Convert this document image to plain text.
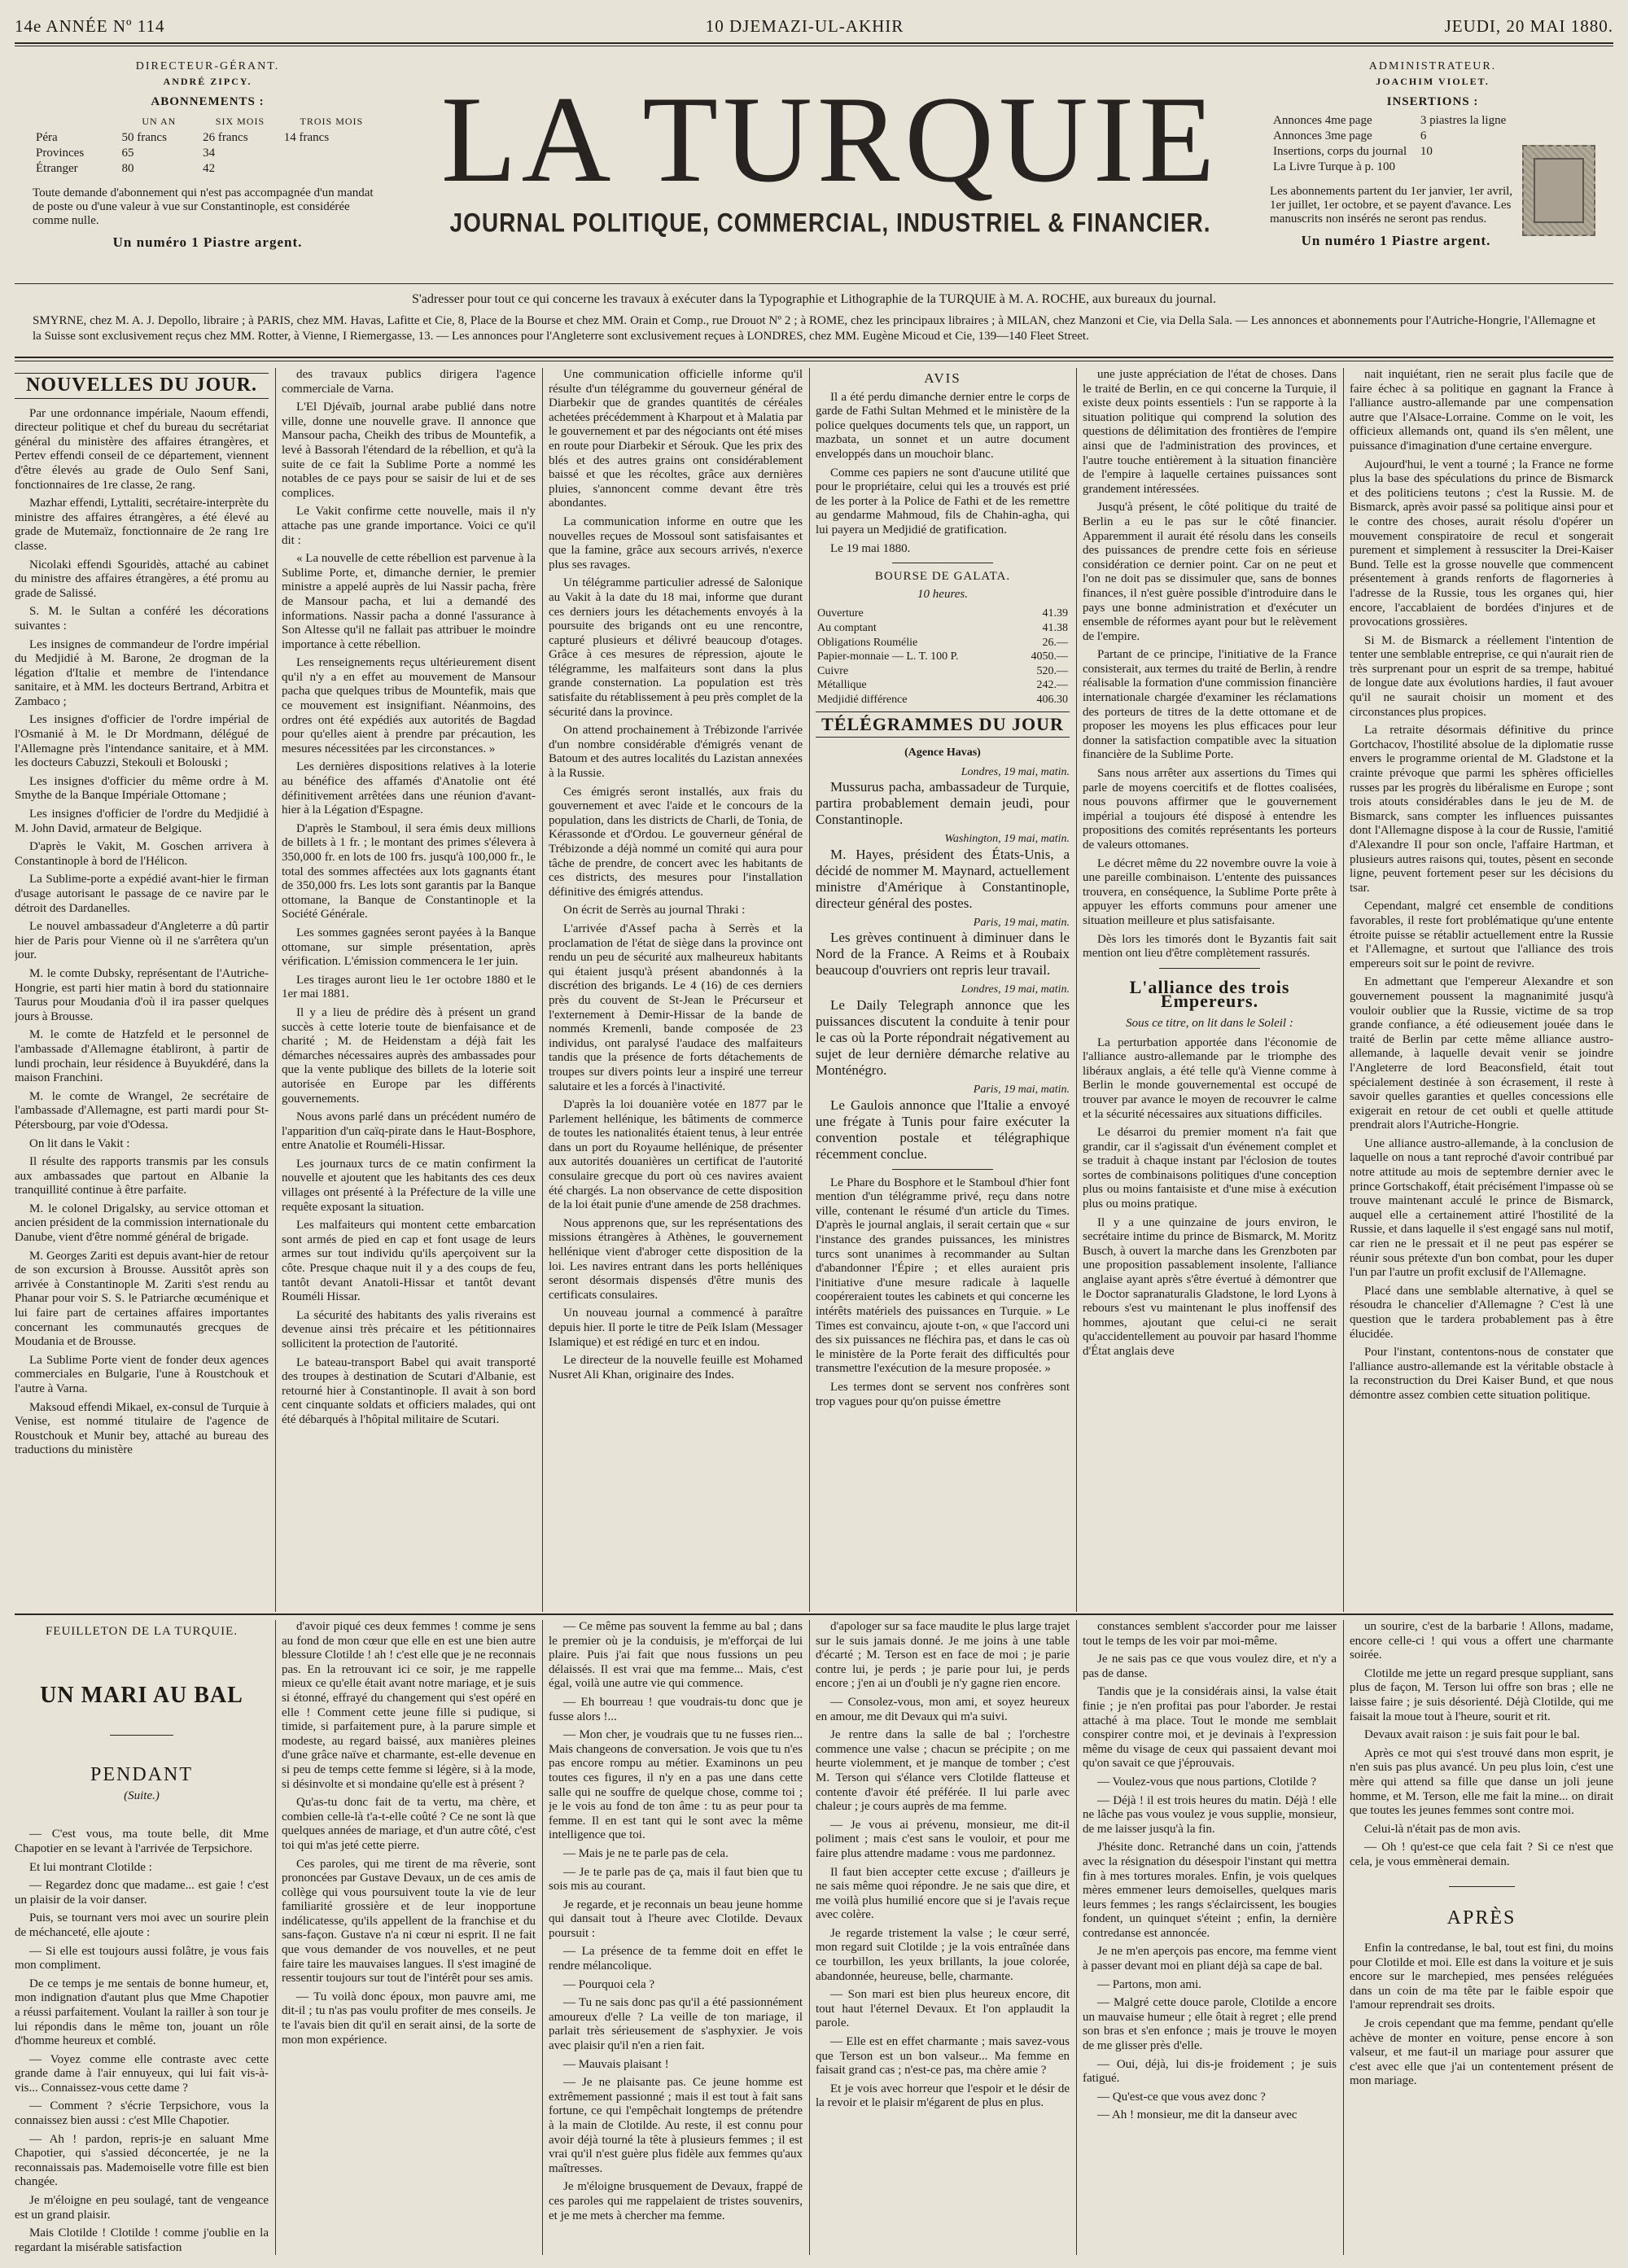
14e ANNÉE Nº 114	10 DJEMAZI-UL-AKHIR	JEUDI, 20 MAI 1880.
DIRECTEUR-GÉRANT.
ANDRÉ ZIPCY.
ABONNEMENTS :
	UN AN	SIX MOIS	TROIS MOIS
Péra	50 francs	26 francs	14 francs
Provinces	65	34	
Étranger	80	42	
Toute demande d'abonnement qui n'est pas accompagnée d'un mandat de poste ou d'une valeur à vue sur Constantinople, est considérée comme nulle.
Un numéro 1 Piastre argent.
LA TURQUIE
JOURNAL POLITIQUE, COMMERCIAL, INDUSTRIEL & FINANCIER.
ADMINISTRATEUR.
JOACHIM VIOLET.
INSERTIONS :
Annonces 4me page	3 piastres la ligne
Annonces 3me page	6
Insertions, corps du journal	10
La Livre Turque à p. 100	
Les abonnements partent du 1er janvier, 1er avril, 1er juillet, 1er octobre, et se payent d'avance. Les manuscrits non insérés ne seront pas rendus.
Un numéro 1 Piastre argent.
S'adresser pour tout ce qui concerne les travaux à exécuter dans la Typographie et Lithographie de la TURQUIE à M. A. ROCHE, aux bureaux du journal.
SMYRNE, chez M. A. J. Depollo, libraire ; à PARIS, chez MM. Havas, Lafitte et Cie, 8, Place de la Bourse et chez MM. Orain et Comp., rue Drouot Nº 2 ; à ROME, chez les principaux libraires ; à MILAN, chez Manzoni et Cie, via Della Sala. — Les annonces et abonnements pour l'Autriche-Hongrie, l'Allemagne et la Suisse sont exclusivement reçus chez MM. Rotter, à Vienne, I Riemergasse, 13. — Les annonces pour l'Angleterre sont exclusivement reçues à LONDRES, chez MM. Eugène Micoud et Cie, 139—140 Fleet Street.
NOUVELLES DU JOUR.

Par une ordonnance impériale, Naoum effendi, directeur politique et chef du bureau du secrétariat général du ministère des affaires étrangères, et Pertev effendi conseil de ce département, viennent d'être élevés au grade de Oulo Senf Sani, fonctionnaires de 1re classe, 2e rang.

Mazhar effendi, Lyttaliti, secrétaire-interprète du ministre des affaires étrangères, a été élevé au grade de Mutemaïz, fonctionnaire de 2e rang 1re classe.

Nicolaki effendi Sgouridès, attaché au cabinet du ministre des affaires étrangères, a été promu au grade de Salissé.

S. M. le Sultan a conféré les décorations suivantes :

Les insignes de commandeur de l'ordre impérial du Medjidié à M. Barone, 2e drogman de la légation d'Italie et membre de l'intendance sanitaire, et à MM. les docteurs Bertrand, Arbitra et Zambaco ;

Les insignes d'officier de l'ordre impérial de l'Osmanié à M. le Dr Mordmann, délégué de l'Allemagne près l'intendance sanitaire, et à MM. les docteurs Cabuzzi, Stekouli et Bolouski ;

Les insignes d'officier du même ordre à M. Smythe de la Banque Impériale Ottomane ;

Les insignes d'officier de l'ordre du Medjidié à M. John David, armateur de Belgique.

D'après le Vakit, M. Goschen arrivera à Constantinople à bord de l'Hélicon.

La Sublime-porte a expédié avant-hier le firman d'usage autorisant le passage de ce navire par le détroit des Dardanelles.

Le nouvel ambassadeur d'Angleterre a dû partir hier de Paris pour Vienne où il ne s'arrêtera qu'un jour.

M. le comte Dubsky, représentant de l'Autriche-Hongrie, est parti hier matin à bord du stationnaire Taurus pour Moudania d'où il ira passer quelques jours à Brousse.

M. le comte de Hatzfeld et le personnel de l'ambassade d'Allemagne établiront, à partir de lundi prochain, leur résidence à Buyukdéré, dans la maison Franchini.

M. le comte de Wrangel, 2e secrétaire de l'ambassade d'Allemagne, est parti mardi pour St-Pétersbourg, par voie d'Odessa.

On lit dans le Vakit :

Il résulte des rapports transmis par les consuls aux ambassades que partout en Albanie la tranquillité continue à être parfaite.

M. le colonel Drigalsky, au service ottoman et ancien président de la commission internationale du Danube, vient d'être nommé général de brigade.

M. Georges Zariti est depuis avant-hier de retour de son excursion à Brousse. Aussitôt après son arrivée à Constantinople M. Zariti s'est rendu au Phanar pour voir S. S. le Patriarche œcuménique et lui faire part de certaines affaires importantes concernant les communautés grecques de Moudania et de Brousse.

La Sublime Porte vient de fonder deux agences commerciales en Bulgarie, l'une à Roustchouk et l'autre à Varna.

Maksoud effendi Mikael, ex-consul de Turquie à Venise, est nommé titulaire de l'agence de Roustchouk et Munir bey, attaché au bureau des traductions du ministère

des travaux publics dirigera l'agence commerciale de Varna.

L'El Djévaïb, journal arabe publié dans notre ville, donne une nouvelle grave. Il annonce que Mansour pacha, Cheikh des tribus de Mountefik, a levé à Bassorah l'étendard de la rébellion, et qu'à la suite de ce fait la Sublime Porte a nommé les notables de ce pays pour se saisir de lui et de ses complices.

Le Vakit confirme cette nouvelle, mais il n'y attache pas une grande importance. Voici ce qu'il dit :

« La nouvelle de cette rébellion est parvenue à la Sublime Porte, et, dimanche dernier, le premier ministre a appelé auprès de lui Nassir pacha, frère de Mansour pacha, et lui a demandé des informations. Nassir pacha a donné l'assurance à Son Altesse qu'il ne fallait pas attribuer le moindre importance à cette rébellion.

Les renseignements reçus ultérieurement disent qu'il n'y a en effet au mouvement de Mansour pacha que quelques tribus de Mountefik, mais que ce mouvement est insignifiant. Néanmoins, des ordres ont été expédiés aux autorités de Bagdad pour qu'elles aient à prendre par précaution, les mesures nécessitées par les circonstances. »

Les dernières dispositions relatives à la loterie au bénéfice des affamés d'Anatolie ont été définitivement arrêtées dans une réunion d'avant-hier à la Légation d'Espagne.

D'après le Stamboul, il sera émis deux millions de billets à 1 fr. ; le montant des primes s'élevera à 350,000 fr. en lots de 100 frs. jusqu'à 100,000 fr., le total des sommes affectées aux lots gagnants étant de 350,000 frs. Les lots sont garantis par la Banque ottomane, la Banque de Constantinople et la Société Générale.

Les sommes gagnées seront payées à la Banque ottomane, sur simple présentation, après vérification. L'émission commencera le 1er juin.

Les tirages auront lieu le 1er octobre 1880 et le 1er mai 1881.

Il y a lieu de prédire dès à présent un grand succès à cette loterie toute de bienfaisance et de charité ; M. de Heidenstam a déjà fait les démarches nécessaires auprès des ambassades pour que la vente publique des billets de la loterie soit autorisée en Europe par les différents gouvernements.

Nous avons parlé dans un précédent numéro de l'apparition d'un caïq-pirate dans le Haut-Bosphore, entre Anatolie et Rouméli-Hissar.

Les journaux turcs de ce matin confirment la nouvelle et ajoutent que les habitants des ces deux villages ont présenté à la Préfecture de la ville une requête exposant la situation.

Les malfaiteurs qui montent cette embarcation sont armés de pied en cap et font usage de leurs armes sur tout individu qu'ils aperçoivent sur la côte. Presque chaque nuit il y a des coups de feu, tantôt devant Anatoli-Hissar et tantôt devant Rouméli Hissar.

La sécurité des habitants des yalis riverains est devenue ainsi très précaire et les pétitionnaires sollicitent la protection de l'autorité.

Le bateau-transport Babel qui avait transporté des troupes à destination de Scutari d'Albanie, est retourné hier à Constantinople. Il avait à son bord cent cinquante soldats et officiers malades, qui ont été débarqués à l'hôpital militaire de Scutari.

Une communication officielle informe qu'il résulte d'un télégramme du gouverneur général de Diarbekir que de grandes quantités de céréales achetées précédemment à Kharpout et à Malatia par le gouvernement et par des négociants ont été mises en route pour Diarbekir et Sérouk. Que les prix des blés et des autres grains ont considérablement baissé et que les récoltes, grâce aux dernières pluies, s'annoncent comme devant être très abondantes.

La communication informe en outre que les nouvelles reçues de Mossoul sont satisfaisantes et que la famine, grâce aux secours arrivés, n'exerce plus ses ravages.

Un télégramme particulier adressé de Salonique au Vakit à la date du 18 mai, informe que durant ces derniers jours les détachements envoyés à la poursuite des brigands ont eu une rencontre, capturé plusieurs et délivré beaucoup d'otages. Grâce à ces mesures de répression, ajoute le télégramme, les malfaiteurs sont dans la plus grande consternation. La population est très satisfaite du rétablissement à peu près complet de la sécurité dans la province.

On attend prochainement à Trébizonde l'arrivée d'un nombre considérable d'émigrés venant de Batoum et des autres localités du Lazistan annexées à la Russie.

Ces émigrés seront installés, aux frais du gouvernement et avec l'aide et le concours de la population, dans les districts de Charli, de Tonia, de Kérassonde et d'Ordou. Le gouverneur général de Trébizonde a déjà nommé un comité qui aura pour tâche de prendre, de concert avec les habitants de ces districts, des mesures pour l'installation définitive des émigrés attendus.

On écrit de Serrès au journal Thraki :

L'arrivée d'Assef pacha à Serrès et la proclamation de l'état de siège dans la province ont rendu un peu de sécurité aux malheureux habitants qui étaient jusqu'à présent abandonnés à la discrétion des brigands. Le 4 (16) de ces derniers près du couvent de St-Jean le Précurseur et l'externement à Demir-Hissar de la bande de nommés Kremenli, bande composée de 23 individus, ont paralysé l'audace des malfaiteurs tandis que la présence de forts détachements de troupes sur divers points leur a inspiré une terreur salutaire et les a forcés à l'inactivité.

D'après la loi douanière votée en 1877 par le Parlement hellénique, les bâtiments de commerce de toutes les nationalités étaient tenus, à leur entrée dans un port du Royaume hellénique, de présenter aux autorités douanières un certificat de l'autorité consulaire grecque du port où ces navires avaient été chargés. La non observance de cette disposition de la loi était punie d'une amende de 258 drachmes.

Nous apprenons que, sur les représentations des missions étrangères à Athènes, le gouvernement hellénique vient d'abroger cette disposition de la loi. Les navires entrant dans les ports helléniques seront désormais dispensés d'être munis des certificats consulaires.

Un nouveau journal a commencé à paraître depuis hier. Il porte le titre de Peïk Islam (Messager Islamique) et est rédigé en turc et en indou.

Le directeur de la nouvelle feuille est Mohamed Nusret Ali Khan, originaire des Indes.

AVIS

Il a été perdu dimanche dernier entre le corps de garde de Fathi Sultan Mehmed et le ministère de la police quelques documents tels que, un rapport, un mazbata, un sonnet et un autre document enveloppés dans un mouchoir blanc.

Comme ces papiers ne sont d'aucune utilité que pour le propriétaire, celui qui les a trouvés est prié de les porter à la Police de Fathi et de les remettre au gendarme Mahmoud, fils de Chahin-agha, qui lui payera un Medjidié de gratification.

Le 19 mai 1880.

BOURSE DE GALATA.
10 heures.
Ouverture	41.39
Au comptant	41.38
Obligations Roumélie	26.—
Papier-monnaie — L. T. 100 P.	4050.—
Cuivre	520.—
Métallique	242.—
Medjidié différence	406.30
TÉLÉGRAMMES DU JOUR
(Agence Havas)
Londres, 19 mai, matin.

Mussurus pacha, ambassadeur de Turquie, partira probablement demain jeudi, pour Constantinople.

Washington, 19 mai, matin.

M. Hayes, président des États-Unis, a décidé de nommer M. Maynard, actuellement ministre d'Amérique à Constantinople, directeur général des postes.

Paris, 19 mai, matin.

Les grèves continuent à diminuer dans le Nord de la France. A Reims et à Roubaix beaucoup d'ouvriers ont repris leur travail.

Londres, 19 mai, matin.

Le Daily Telegraph annonce que les puissances discutent la conduite à tenir pour le cas où la Porte répondrait négativement au sujet de leur dernière démarche relative au Monténégro.

Paris, 19 mai, matin.

Le Gaulois annonce que l'Italie a envoyé une frégate à Tunis pour faire exécuter la convention postale et télégraphique récemment conclue.

Le Phare du Bosphore et le Stamboul d'hier font mention d'un télégramme privé, reçu dans notre ville, contenant le résumé d'un article du Times. D'après le journal anglais, il serait certain que « sur l'instance des grandes puissances, les ministres turcs sont unanimes à recommander au Sultan d'abandonner l'Épire ; et elles auraient pris l'initiative d'une mesure radicale à laquelle coopéreraient toutes les cabinets et qui concerne les intérêts matériels des puissances en Turquie. » Le Times est convaincu, ajoute t-on, « que l'accord uni des six puissances ne fléchira pas, et dans le cas où le ministère de la Porte ferait des difficultés pour transmettre l'exécution de la mesure proposée. »

Les termes dont se servent nos confrères sont trop vagues pour qu'on puisse émettre

une juste appréciation de l'état de choses. Dans le traité de Berlin, en ce qui concerne la Turquie, il existe deux points essentiels : l'un se rapporte à la situation politique qui comprend la solution des questions de délimitation des frontières de l'empire ainsi que de l'administration des provinces, et l'autre touche entièrement à la situation financière de l'empire à laquelle certaines puissances sont grandement intéressées.

Jusqu'à présent, le côté politique du traité de Berlin a eu le pas sur le côté financier. Apparemment il aurait été résolu dans les conseils des puissances de prendre cette fois en sérieuse considération ce dernier point. Car on ne peut et l'on ne doit pas se dissimuler que, sans de bonnes finances, il n'est guère possible d'introduire dans le pays une bonne administration et d'exécuter un ensemble de réformes ayant pour but le relèvement de l'empire.

Partant de ce principe, l'initiative de la France consisterait, aux termes du traité de Berlin, à rendre réalisable la formation d'une commission financière internationale chargée d'examiner les réclamations des porteurs de titres de la dette ottomane et de proposer les moyens les plus efficaces pour leur donner la satisfaction compatible avec la situation financière de la Sublime Porte.

Sans nous arrêter aux assertions du Times qui parle de moyens coercitifs et de flottes coalisées, nous pouvons affirmer que le gouvernement impérial a toujours été disposé à entendre les propositions des comités représentants les porteurs de valeurs ottomanes.

Le décret même du 22 novembre ouvre la voie à une pareille combinaison. L'entente des puissances trouvera, en conséquence, la Sublime Porte prête à appuyer les efforts communs pour amener une situation meilleure et plus satisfaisante.

Dès lors les timorés dont le Byzantis fait sait mention ont lieu d'être complètement rassurés.

L'alliance des trois Empereurs.
Sous ce titre, on lit dans le Soleil :

La perturbation apportée dans l'économie de l'alliance austro-allemande par le triomphe des libéraux anglais, a été telle qu'à Vienne comme à Berlin le monde gouvernemental est occupé de trouver par avance le moyen de recouvrer le calme et la sécurité nécessaires aux situations difficiles.

Le désarroi du premier moment n'a fait que grandir, car il s'agissait d'un événement complet et se traduit à chaque instant par l'éclosion de toutes sortes de combinaisons politiques d'une conception plus ou moins fantaisiste et d'une mise à exécution plus ou moins pratique.

Il y a une quinzaine de jours environ, le secrétaire intime du prince de Bismarck, M. Moritz Busch, à ouvert la marche dans les Grenzboten par une proposition passablement insolente, l'alliance anglaise ayant après s'être évertué à démontrer que le Doctor sapranaturalis Gladstone, le lord Lyons à rebours s'est vu maintenant le plus inoffensif des hommes, ajoutant que celui-ci ne serait qu'accidentellement au pouvoir par hasard l'homme d'État anglais deve

nait inquiétant, rien ne serait plus facile que de faire échec à sa politique en gagnant la France à l'alliance austro-allemande par une compensation autre que l'Alsace-Lorraine. Comme on le voit, les officieux allemands ont, quand ils s'en mêlent, une puissance d'imagination d'une certaine envergure.

Aujourd'hui, le vent a tourné ; la France ne forme plus la base des spéculations du prince de Bismarck et des politiciens teutons ; c'est la Russie. M. de Bismarck, après avoir passé sa politique ainsi pour et le contre des choses, aurait résolu d'opérer un mouvement conspiratoire de recul et songerait purement et simplement à ressusciter la Drei-Kaiser Bund. Telle est la grosse nouvelle que commencent présentement à grands renforts de flagorneries à l'adresse de la Russie, tous les organes qui, hier encore, l'accablaient de bordées d'injures et de provocations grossières.

Si M. de Bismarck a réellement l'intention de tenter une semblable entreprise, ce qui n'aurait rien de très surprenant pour un esprit de sa trempe, habitué de longue date aux évolutions hardies, il faut avouer qu'il ne saurait choisir un moment et des circonstances plus propices.

La retraite désormais définitive du prince Gortchacov, l'hostilité absolue de la diplomatie russe envers le programme oriental de M. Gladstone et la crainte prévoque que parmi les sphères officielles russes par les progrès du libéralisme en Europe ; sont trois atouts considérables dans le jeu de M. de Bismarck, sans compter les influences puissantes dont l'Allemagne dispose à la cour de Russie, l'amitié d'Alexandre II pour son oncle, l'affaire Hartman, et plusieurs autres raisons qui, toutes, pèsent en seconde ligne, peuvent fortement peser sur les décisions du tsar.

Cependant, malgré cet ensemble de conditions favorables, il reste fort problématique qu'une entente étroite puisse se rétablir actuellement entre la Russie et l'Allemagne, et surtout que l'alliance des trois empereurs soit sur le point de revivre.

En admettant que l'empereur Alexandre et son gouvernement poussent la magnanimité jusqu'à vouloir oublier que la Russie, victime de sa trop grande confiance, a été odieusement jouée dans le traité de Berlin par cette même alliance austro-allemande, à laquelle devait venir se joindre l'Angleterre de lord Beaconsfield, était tout spécialement destinée à son écrasement, il reste à savoir quelles garanties et quelles concessions elle exigerait en retour de cet oubli et quelle attitude prendrait alors l'Autriche-Hongrie.

Une alliance austro-allemande, à la conclusion de laquelle on nous a tant reproché d'avoir contribué par notre attitude au mois de septembre dernier avec le prince Gortschakoff, était précisément l'impasse où se trouve maintenant acculé le prince de Bismarck, auquel elle a certainement attiré l'hostilité de la Russie, et dans laquelle il s'est engagé sans nul motif, car rien ne le pressait et il ne peut pas espérer se réunir sous prétexte d'un bon combat, pour les duper l'un par l'autre un profit exclusif de l'Allemagne.

Placé dans une semblable alternative, à quel se résoudra le chancelier d'Allemagne ? C'est là une question que le tardera probablement pas à être élucidée.

Pour l'instant, contentons-nous de constater que l'alliance austro-allemande est la véritable obstacle à la reconstruction du Drei Kaiser Bund, et que nous démontre assez combien cette situation politique.

FEUILLETON DE LA TURQUIE.
UN MARI AU BAL
PENDANT
(Suite.)

— C'est vous, ma toute belle, dit Mme Chapotier en se levant à l'arrivée de Terpsichore.

Et lui montrant Clotilde :

— Regardez donc que madame... est gaie ! c'est un plaisir de la voir danser.

Puis, se tournant vers moi avec un sourire plein de méchanceté, elle ajoute :

— Si elle est toujours aussi folâtre, je vous fais mon compliment.

De ce temps je me sentais de bonne humeur, et, mon indignation d'autant plus que Mme Chapotier a réussi parfaitement. Voulant la railler à son tour je lui répondis dans le même ton, jouant un rôle d'homme heureux et comblé.

— Voyez comme elle contraste avec cette grande dame à l'air ennuyeux, qui lui fait vis-à-vis... Connaissez-vous cette dame ?

— Comment ? s'écrie Terpsichore, vous la connaissez bien aussi : c'est Mlle Chapotier.

— Ah ! pardon, repris-je en saluant Mme Chapotier, qui s'assied déconcertée, je ne la reconnaissais pas. Mademoiselle votre fille est bien changée.

Je m'éloigne en peu soulagé, tant de vengeance est un grand plaisir.

Mais Clotilde ! Clotilde ! comme j'oublie en la regardant la misérable satisfaction

d'avoir piqué ces deux femmes ! comme je sens au fond de mon cœur que elle en est une bien autre blessure Clotilde ! ah ! c'est elle que je ne reconnais pas. En la retrouvant ici ce soir, je me rappelle mieux ce qu'elle était avant notre mariage, et je suis si étonné, effrayé du changement qui s'est opéré en elle ! Comment cette jeune fille si pudique, si timide, si parfaitement pure, à la parure simple et modeste, au regard baissé, aux manières pleines d'une grâce naïve et charmante, est-elle devenue en si peu de temps cette femme si légère, si à la mode, si désinvolte et si mondaine qu'elle est à présent ?

Qu'as-tu donc fait de ta vertu, ma chère, et combien celle-là t'a-t-elle coûté ? Ce ne sont là que quelques années de mariage, et d'un autre côté, c'est toi qui m'as jeté cette pierre.

Ces paroles, qui me tirent de ma rêverie, sont prononcées par Gustave Devaux, un de ces amis de collège qui vous poursuivent toute la vie de leur familiarité grossière et de leur inopportune indélicatesse, qu'ils appellent de la franchise et du sans-façon. Gustave n'a ni cœur ni esprit. Il ne fait que vous demander de vos nouvelles, et ne peut faire taire les mauvaises langues. Il s'est imaginé de ressentir toujours sur tout de l'intérêt pour ses amis.

— Tu voilà donc époux, mon pauvre ami, me dit-il ; tu n'as pas voulu profiter de mes conseils. Je te l'avais bien dit qu'il en serait ainsi, de la sorte de mon mon expérience.

— Ce même pas souvent la femme au bal ; dans le premier où je la conduisis, je m'efforçai de lui plaire. Puis j'ai fait que nous fussions un peu délaissés. Il est vrai que ma femme... Mais, c'est égal, voilà une autre vie qui commence.

— Eh bourreau ! que voudrais-tu donc que je fusse alors !...

— Mon cher, je voudrais que tu ne fusses rien... Mais changeons de conversation. Je vois que tu n'es pas encore rompu au métier. Examinons un peu toutes ces figures, il n'y en a pas une dans cette salle qui ne souffre de quelque chose, comme toi ; je le vois au fond de ton âme : tu as peur pour ta femme. Il en est tant qui le sont avec la même intelligence que toi.

— Mais je ne te parle pas de cela.

— Je te parle pas de ça, mais il faut bien que tu sois mis au courant.

Je regarde, et je reconnais un beau jeune homme qui dansait tout à l'heure avec Clotilde. Devaux poursuit :

— La présence de ta femme doit en effet le rendre mélancolique.

— Pourquoi cela ?

— Tu ne sais donc pas qu'il a été passionnément amoureux d'elle ? La veille de ton mariage, il parlait très sérieusement de s'asphyxier. Je vois avec plaisir qu'il n'en a rien fait.

— Mauvais plaisant !

— Je ne plaisante pas. Ce jeune homme est extrêmement passionné ; mais il est tout à fait sans fortune, ce qui l'empêchait longtemps de prétendre à la main de Clotilde. Au reste, il est connu pour avoir déjà tourné la tête à plusieurs femmes ; il est vrai qu'il n'est guère plus fidèle aux femmes qu'aux maîtresses.

Je m'éloigne brusquement de Devaux, frappé de ces paroles qui me rappelaient de tristes souvenirs, et je me mets à chercher ma femme.

d'apologer sur sa face maudite le plus large trajet sur le suis jamais donné. Je me joins à une table d'écarté ; M. Terson est en face de moi ; je parie contre lui, je perds ; je parie pour lui, je perds encore ; j'en ai un d'oubli je n'y gagne rien encore.

— Consolez-vous, mon ami, et soyez heureux en amour, me dit Devaux qui m'a suivi.

Je rentre dans la salle de bal ; l'orchestre commence une valse ; chacun se précipite ; on me heurte violemment, et je manque de tomber ; c'est M. Terson qui s'élance vers Clotilde flatteuse et contente d'avoir été préférée. Il lui parle avec chaleur ; je cours auprès de ma femme.

— Je vous ai prévenu, monsieur, me dit-il poliment ; mais c'est sans le vouloir, et pour me faire plus attendre madame : vous me pardonnez.

Il faut bien accepter cette excuse ; d'ailleurs je ne sais même quoi répondre. Je ne sais que dire, et me voilà plus humilié encore que si je l'avais reçue avec colère.

Je regarde tristement la valse ; le cœur serré, mon regard suit Clotilde ; je la vois entraînée dans ce tourbillon, les yeux brillants, la joue colorée, abandonnée, heureuse, belle, charmante.

— Son mari est bien plus heureux encore, dit tout haut l'éternel Devaux. Et l'on applaudit la parole.

— Elle est en effet charmante ; mais savez-vous que Terson est un bon valseur... Ma femme en faisait grand cas ; n'est-ce pas, ma chère amie ?

Et je vois avec horreur que l'espoir et le désir de la revoir et le plaisir m'égarent de plus en plus.

constances semblent s'accorder pour me laisser tout le temps de les voir par moi-même.

Je ne sais pas ce que vous voulez dire, et n'y a pas de danse.

Tandis que je la considérais ainsi, la valse était finie ; je n'en profitai pas pour l'aborder. Je restai attaché à ma place. Tout le monde me semblait conspirer contre moi, et je devinais à l'expression même du visage de ceux qui passaient devant moi qu'on savait ce que j'éprouvais.

— Voulez-vous que nous partions, Clotilde ?

— Déjà ! il est trois heures du matin. Déjà ! elle ne lâche pas vous voulez je vous supplie, monsieur, de me laisser jusqu'à la fin.

J'hésite donc. Retranché dans un coin, j'attends avec la résignation du désespoir l'instant qui mettra fin à mes tortures morales. Enfin, je vois quelques mères emmener leurs demoiselles, quelques maris leurs femmes ; les rangs s'éclaircissent, les bougies fondent, un quinquet s'éteint ; enfin, la dernière contredanse est annoncée.

Je ne m'en aperçois pas encore, ma femme vient à passer devant moi en pliant déjà sa cape de bal.

— Partons, mon ami.

— Malgré cette douce parole, Clotilde a encore un mauvaise humeur ; elle ôtait à regret ; elle prend son bras et s'en enfonce ; mais je trouve le moyen de me glisser près d'elle.

— Oui, déjà, lui dis-je froidement ; je suis fatigué.

— Qu'est-ce que vous avez donc ?

— Ah ! monsieur, me dit la danseur avec

un sourire, c'est de la barbarie ! Allons, madame, encore celle-ci ! qui vous a offert une charmante soirée.

Clotilde me jette un regard presque suppliant, sans plus de façon, M. Terson lui offre son bras ; elle ne laisse faire ; je suis désorienté. Déjà Clotilde, qui me faisait la moue tout à l'heure, sourit et rit.

Devaux avait raison : je suis fait pour le bal.

Après ce mot qui s'est trouvé dans mon esprit, je n'en suis pas plus avancé. Un peu plus loin, c'est une mère qui attend sa fille que danse un joli jeune homme, et M. Terson, elle me fait la mine... on dirait que toutes les jeunes femmes sont contre moi.

Celui-là n'était pas de mon avis.

— Oh ! qu'est-ce que cela fait ? Si ce n'est que cela, je vous emmènerai demain.

APRÈS

Enfin la contredanse, le bal, tout est fini, du moins pour Clotilde et moi. Elle est dans la voiture et je suis encore sur le marchepied, mes pensées reléguées dans un coin de ma tête par le faible espoir que l'amour reprendrait ses droits.

Je crois cependant que ma femme, pendant qu'elle achève de monter en voiture, pense encore à son valseur, et me faut-il un mariage pour assurer que c'est avec elle que j'ai un contentement présent de mon mariage.
